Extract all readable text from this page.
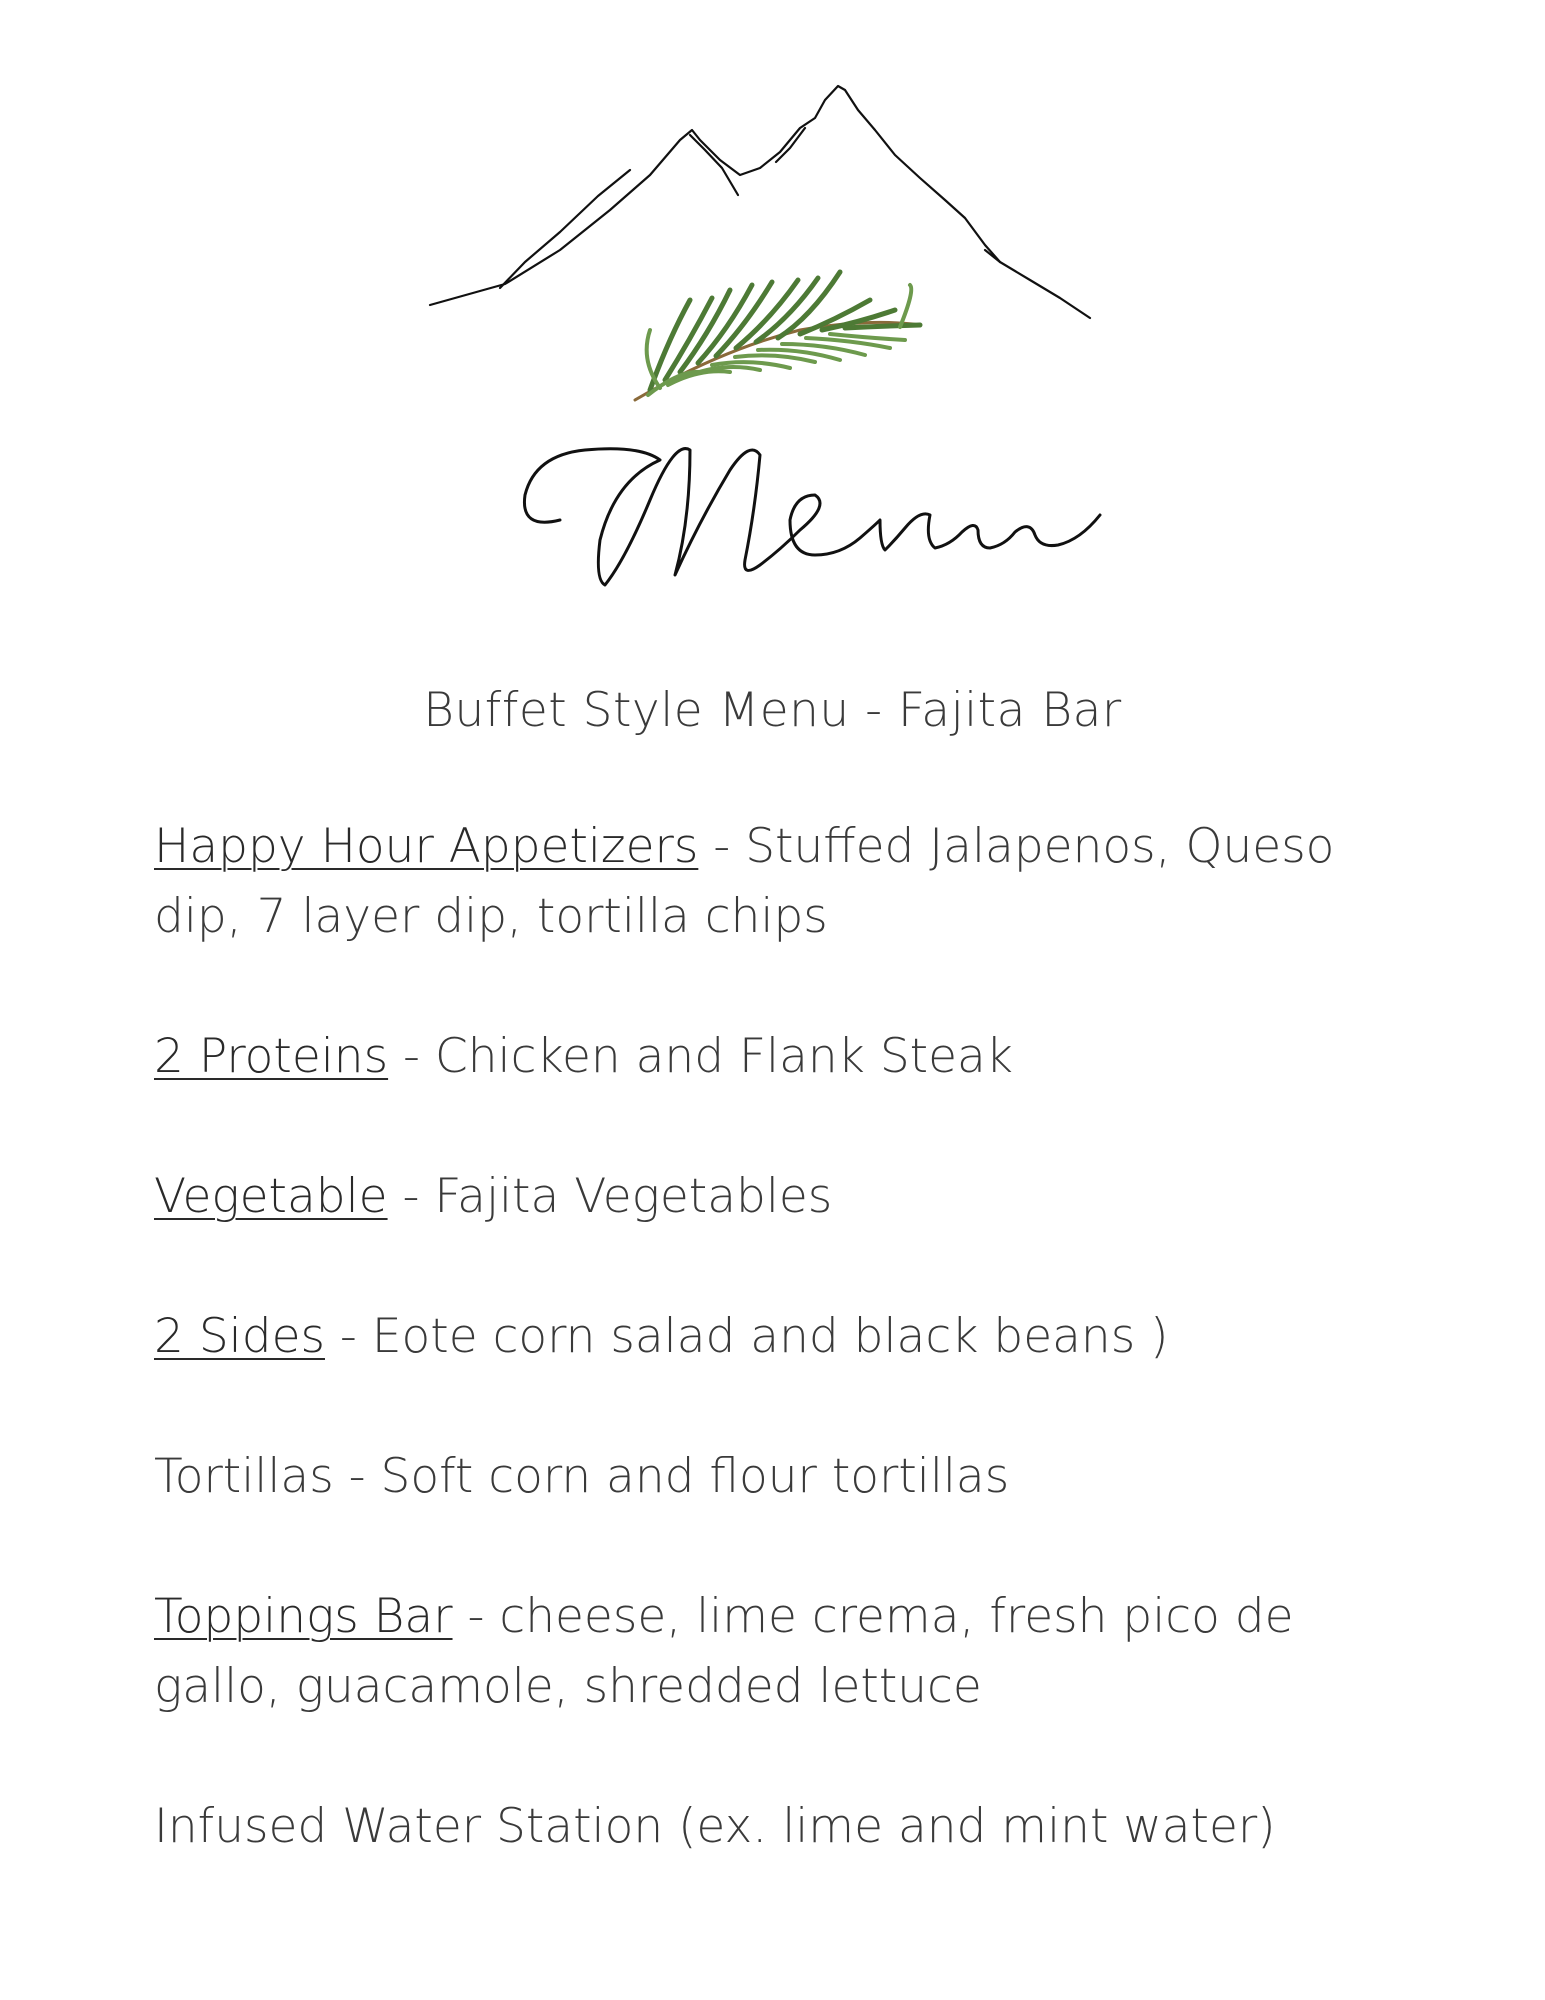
Buffet Style Menu - Fajita Bar

Happy Hour Appetizers - Stuffed Jalapenos, Queso dip, 7 layer dip, tortilla chips

2 Proteins - Chicken and Flank Steak

Vegetable - Fajita Vegetables

2 Sides - Eote corn salad and black beans )

Tortillas - Soft corn and flour tortillas

Toppings Bar - cheese, lime crema, fresh pico de gallo, guacamole, shredded lettuce

Infused Water Station (ex. lime and mint water)
